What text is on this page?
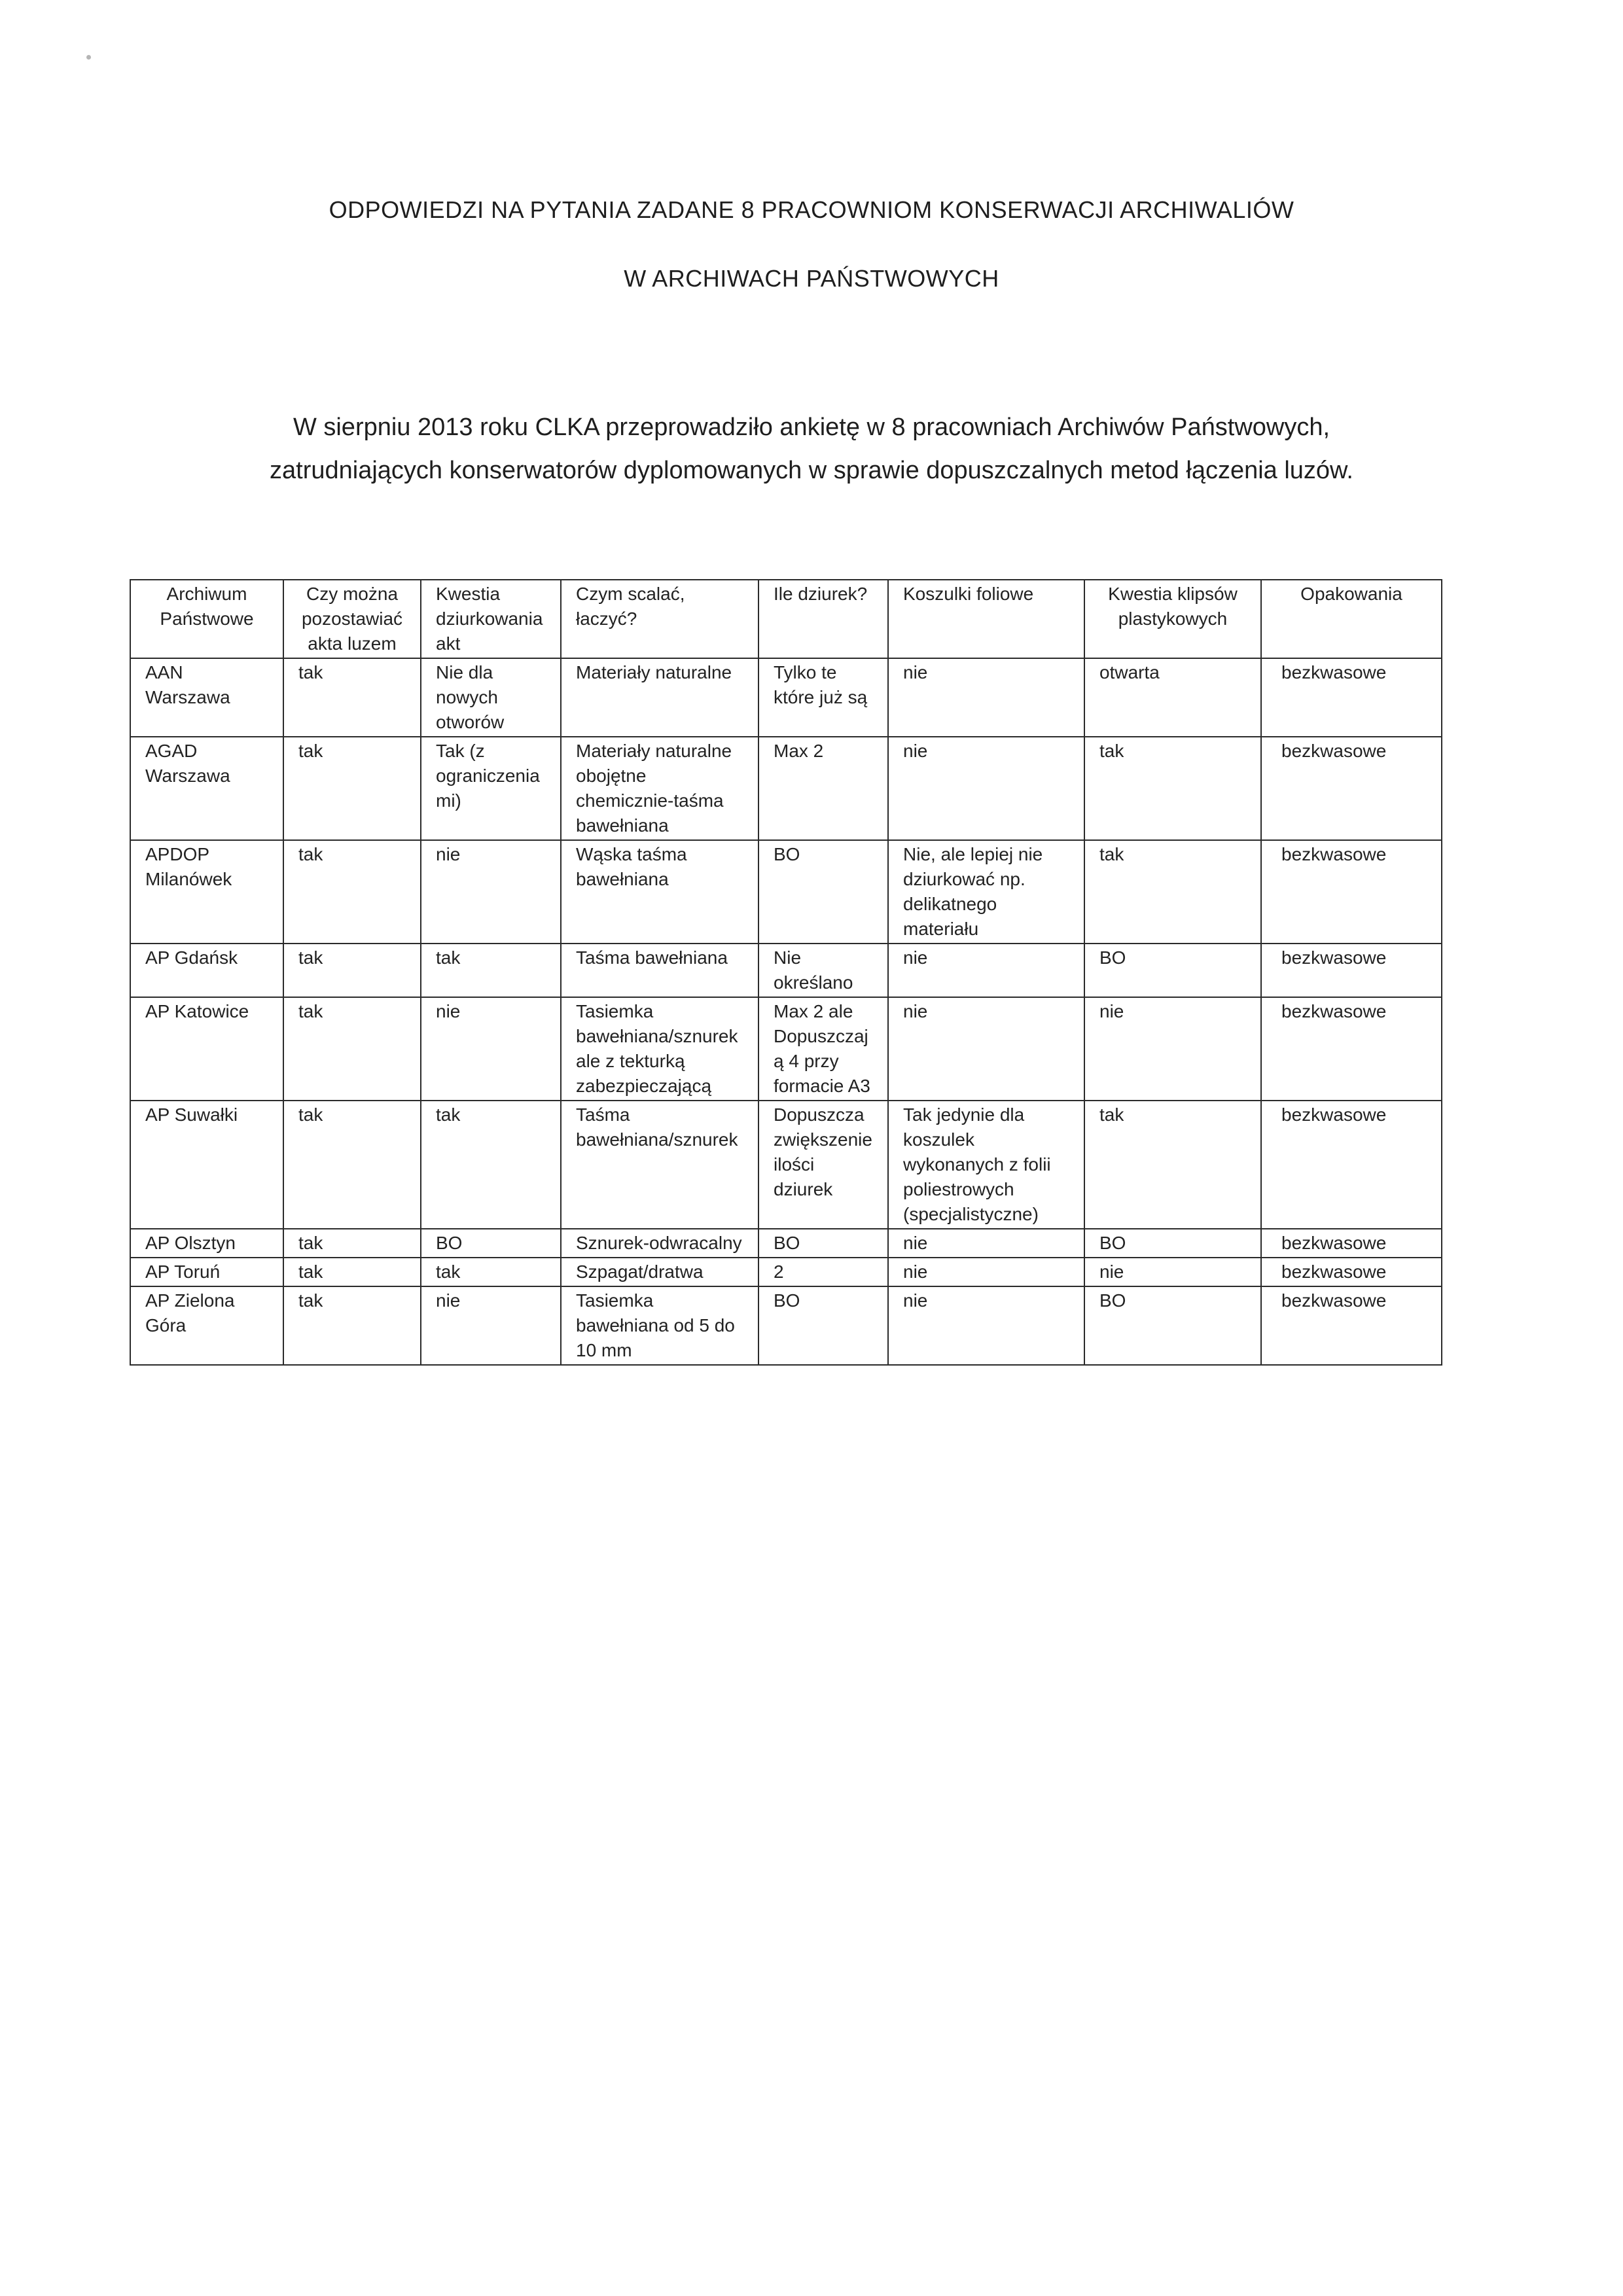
ODPOWIEDZI NA PYTANIA ZADANE 8 PRACOWNIOM KONSERWACJI ARCHIWALIÓW
W ARCHIWACH PAŃSTWOWYCH
W sierpniu 2013 roku CLKA przeprowadziło ankietę w 8 pracowniach Archiwów Państwowych,
zatrudniających konserwatorów dyplomowanych w sprawie dopuszczalnych metod łączenia luzów.
Archiwum Państwowe	Czy można pozostawiać akta luzem	Kwestia dziurkowania akt	Czym scalać, łaczyć?	Ile dziurek?	Koszulki foliowe	Kwestia klipsów plastykowych	Opakowania
AAN Warszawa	tak	Nie dla nowych otworów	Materiały naturalne	Tylko te które już są	nie	otwarta	bezkwasowe
AGAD Warszawa	tak	Tak (z ograniczenia mi)	Materiały naturalne obojętne chemicznie-taśma bawełniana	Max 2	nie	tak	bezkwasowe
APDOP Milanówek	tak	nie	Wąska taśma bawełniana	BO	Nie, ale lepiej nie dziurkować np. delikatnego materiału	tak	bezkwasowe
AP Gdańsk	tak	tak	Taśma bawełniana	Nie określano	nie	BO	bezkwasowe
AP Katowice	tak	nie	Tasiemka bawełniana/sznurek ale z tekturką zabezpieczającą	Max 2 ale Dopuszczają 4 przy formacie A3	nie	nie	bezkwasowe
AP Suwałki	tak	tak	Taśma bawełniana/sznurek	Dopuszcza zwiększenie ilości dziurek	Tak jedynie dla koszulek wykonanych z folii poliestrowych (specjalistyczne)	tak	bezkwasowe
AP Olsztyn	tak	BO	Sznurek-odwracalny	BO	nie	BO	bezkwasowe
AP Toruń	tak	tak	Szpagat/dratwa	2	nie	nie	bezkwasowe
AP Zielona Góra	tak	nie	Tasiemka bawełniana od 5 do 10 mm	BO	nie	BO	bezkwasowe
